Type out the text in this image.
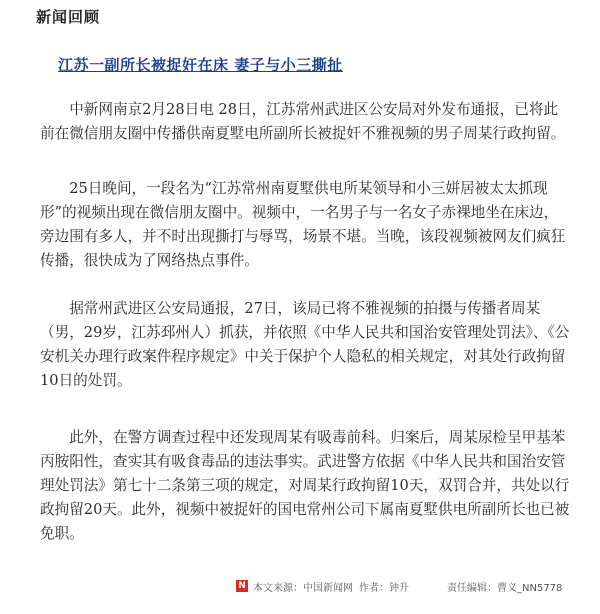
新闻回顾
江苏一副所长被捉奸在床 妻子与小三撕扯

中新网南京2月28日电 28日，江苏常州武进区公安局对外发布通报，已将此前在微信朋友圈中传播供南夏墅电所副所长被捉奸不雅视频的男子周某行政拘留。

25日晚间，一段名为“江苏常州南夏墅供电所某领导和小三姘居被太太抓现形”的视频出现在微信朋友圈中。视频中，一名男子与一名女子赤裸地坐在床边，旁边围有多人，并不时出现撕打与辱骂，场景不堪。当晚，该段视频被网友们疯狂传播，很快成为了网络热点事件。

据常州武进区公安局通报，27日，该局已将不雅视频的拍摄与传播者周某（男，29岁，江苏邳州人）抓获，并依照《中华人民共和国治安管理处罚法》、《公安机关办理行政案件程序规定》中关于保护个人隐私的相关规定，对其处行政拘留10日的处罚。

此外，在警方调查过程中还发现周某有吸毒前科。归案后，周某尿检呈甲基苯丙胺阳性，查实其有吸食毒品的违法事实。武进警方依据《中华人民共和国治安管理处罚法》第七十二条第三项的规定，对周某行政拘留10天，双罚合并，共处以行政拘留20天。此外，视频中被捉奸的国电常州公司下属南夏墅供电所副所长也已被免职。

N 本文来源： 中国新闻网 作者： 钟升	责任编辑： 曹义_NN5778
